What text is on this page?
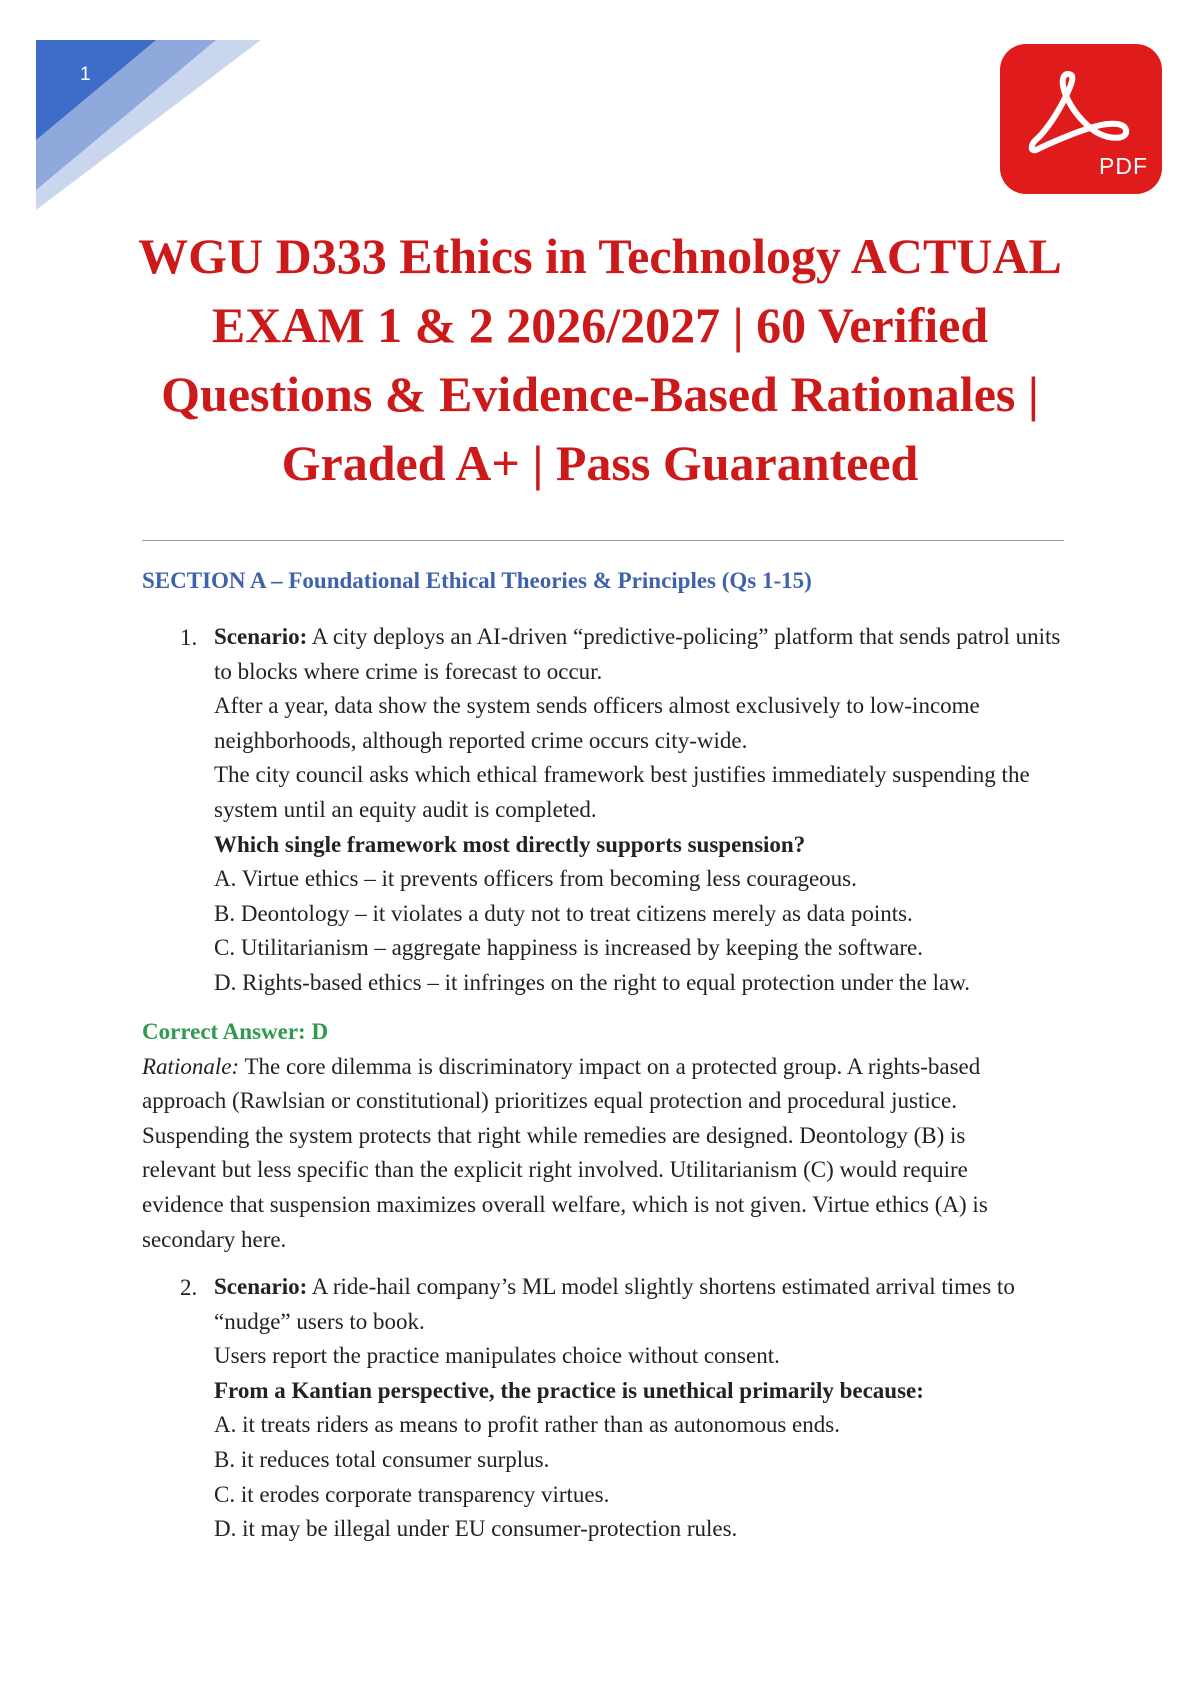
1
PDF
WGU D333 Ethics in Technology ACTUAL EXAM 1 & 2 2026/2027 | 60 Verified Questions & Evidence-Based Rationales | Graded A+ | Pass Guaranteed
SECTION A – Foundational Ethical Theories & Principles (Qs 1-15)
1. Scenario: A city deploys an AI-driven “predictive-policing” platform that sends patrol units to blocks where crime is forecast to occur.

After a year, data show the system sends officers almost exclusively to low-income neighborhoods, although reported crime occurs city-wide.

The city council asks which ethical framework best justifies immediately suspending the system until an equity audit is completed.

Which single framework most directly supports suspension?

A. Virtue ethics – it prevents officers from becoming less courageous.

B. Deontology – it violates a duty not to treat citizens merely as data points.

C. Utilitarianism – aggregate happiness is increased by keeping the software.

D. Rights-based ethics – it infringes on the right to equal protection under the law.

Correct Answer: D

Rationale: The core dilemma is discriminatory impact on a protected group. A rights-based approach (Rawlsian or constitutional) prioritizes equal protection and procedural justice. Suspending the system protects that right while remedies are designed. Deontology (B) is relevant but less specific than the explicit right involved. Utilitarianism (C) would require evidence that suspension maximizes overall welfare, which is not given. Virtue ethics (A) is secondary here.

2. Scenario: A ride-hail company’s ML model slightly shortens estimated arrival times to “nudge” users to book.

Users report the practice manipulates choice without consent.

From a Kantian perspective, the practice is unethical primarily because:

A. it treats riders as means to profit rather than as autonomous ends.

B. it reduces total consumer surplus.

C. it erodes corporate transparency virtues.

D. it may be illegal under EU consumer-protection rules.
